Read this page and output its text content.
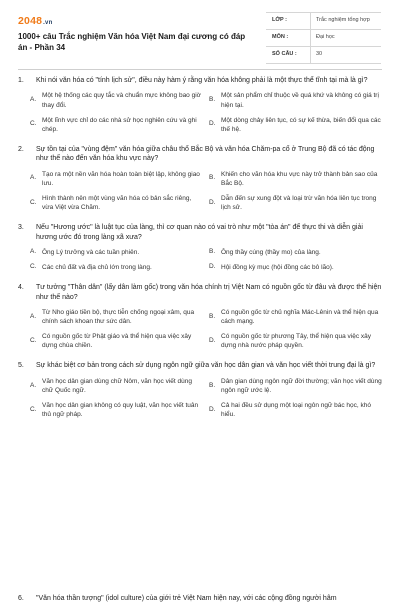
2048.vn
1000+ câu Trắc nghiệm Văn hóa Việt Nam đại cương có đáp án - Phần 34
LỚP :	Trắc nghiệm tổng hợp
MÔN :	Đại học
SỐ CÂU :	30
1.	Khi nói văn hóa có "tính lịch sử", điều này hàm ý rằng văn hóa không phải là một thực thể tĩnh tại mà là gì?
A.
Một hệ thống các quy tắc và chuẩn mực không bao giờ thay đổi.
B.
Một sản phẩm chỉ thuộc về quá khứ và không có giá trị hiện tại.
C.
Một lĩnh vực chỉ do các nhà sử học nghiên cứu và ghi chép.
D.
Một dòng chảy liên tục, có sự kế thừa, biến đổi qua các thế hệ.
2.	Sự tồn tại của "vùng đệm" văn hóa giữa châu thổ Bắc Bộ và văn hóa Chăm-pa cổ ở Trung Bộ đã có tác động như thế nào đến văn hóa khu vực này?
A.
Tạo ra một nền văn hóa hoàn toàn biệt lập, không giao lưu.
B.
Khiến cho văn hóa khu vực này trở thành bản sao của Bắc Bộ.
C.
Hình thành nên một vùng văn hóa có bản sắc riêng, vừa Việt vừa Chăm.
D.
Dẫn đến sự xung đột và loại trừ văn hóa liên tục trong lịch sử.
3.	Nếu "Hương ước" là luật tục của làng, thì cơ quan nào có vai trò như một "tòa án" để thực thi và diễn giải hương ước đó trong làng xã xưa?
A. Ông Lý trưởng và các tuần phiên.	B. Ông thầy cúng (thầy mo) của làng.
C. Các chủ đất và địa chủ lớn trong làng.	D. Hội đồng kỳ mục (hội đồng các bô lão).
4.	Tư tưởng "Thân dân" (lấy dân làm gốc) trong văn hóa chính trị Việt Nam có nguồn gốc từ đâu và được thể hiện như thế nào?
A.
Từ Nho giáo tiền bộ, thực tiễn chống ngoại xâm, qua chính sách khoan thư sức dân.
B.
Có nguồn gốc từ chủ nghĩa Mác-Lênin và thể hiện qua cách mạng.
C.
Có nguồn gốc từ Phật giáo và thể hiện qua việc xây dựng chùa chiền.
D.
Có nguồn gốc từ phương Tây, thể hiện qua việc xây dựng nhà nước pháp quyền.
5.	Sự khác biệt cơ bản trong cách sử dụng ngôn ngữ giữa văn học dân gian và văn học viết thời trung đại là gì?
A.
Văn học dân gian dùng chữ Nôm, văn học viết dùng chữ Quốc ngữ.
B.
Dân gian dùng ngôn ngữ đời thường; văn học viết dùng ngôn ngữ ước lệ.
C.
Văn học dân gian không có quy luật, văn học viết tuân thủ ngữ pháp.
D.
Cả hai đều sử dụng một loại ngôn ngữ bác học, khó hiểu.
6.	"Văn hóa thần tượng" (idol culture) của giới trẻ Việt Nam hiện nay, với các cộng đồng người hâm
